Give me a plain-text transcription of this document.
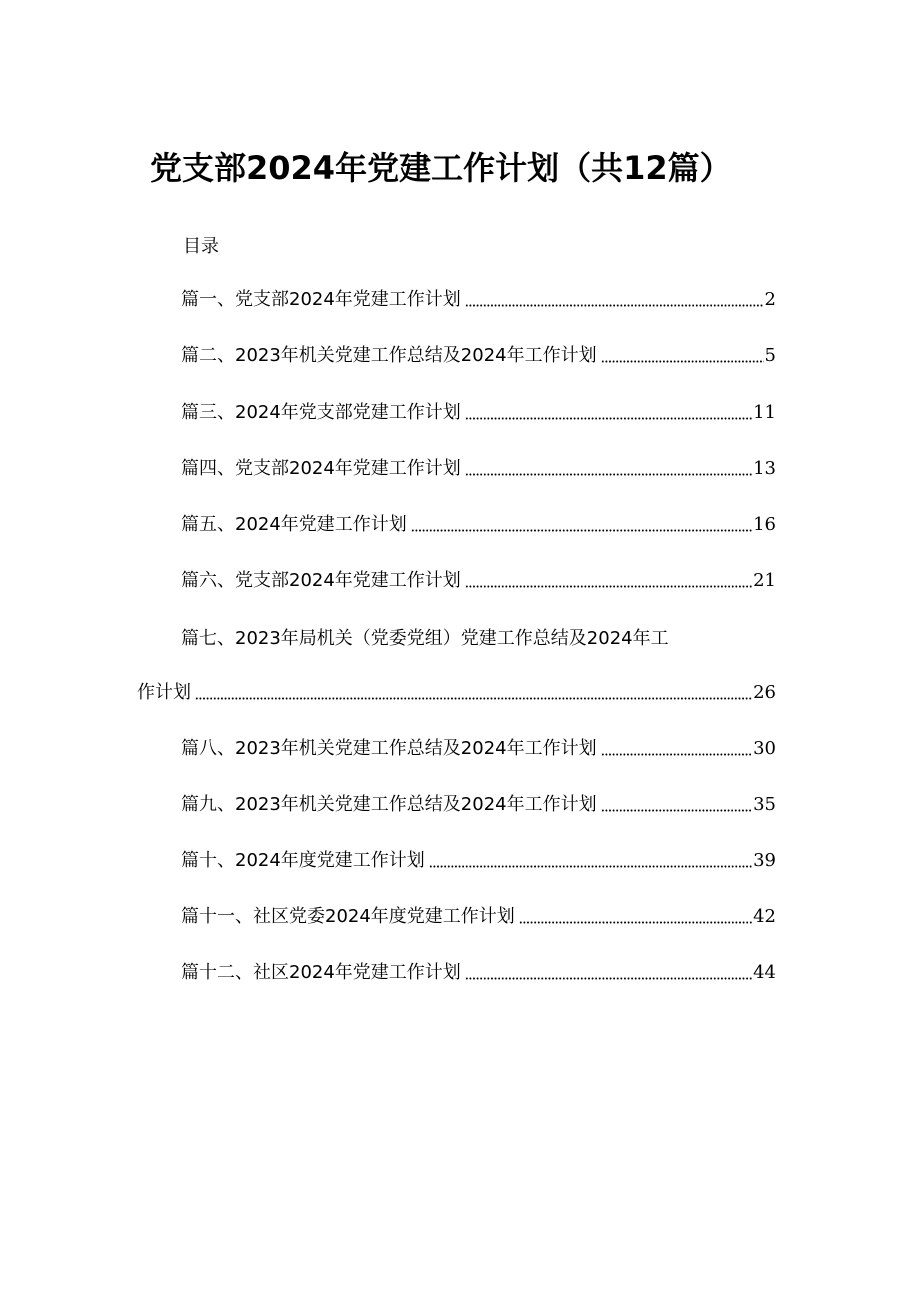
党支部2024年党建工作计划（共12篇）
目录
篇一、党支部2024年党建工作计划	2
篇二、2023年机关党建工作总结及2024年工作计划	5
篇三、2024年党支部党建工作计划	11
篇四、党支部2024年党建工作计划	13
篇五、2024年党建工作计划	16
篇六、党支部2024年党建工作计划	21
篇七、2023年局机关（党委党组）党建工作总结及2024年工
作计划	26
篇八、2023年机关党建工作总结及2024年工作计划	30
篇九、2023年机关党建工作总结及2024年工作计划	35
篇十、2024年度党建工作计划	39
篇十一、社区党委2024年度党建工作计划	42
篇十二、社区2024年党建工作计划	44
